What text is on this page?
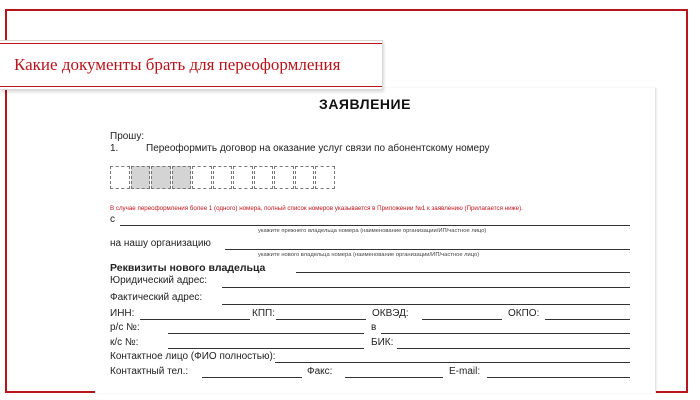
Какие документы брать для переоформления
ЗАЯВЛЕНИЕ
Прошу:
1.	Переоформить договор на оказание услуг связи по абонентскому номеру
В случае переоформления более 1 (одного) номера, полный список номеров указывается в Приложении №1 к заявлению (Прилагается ниже).
с
укажите прежнего владельца номера (наименование организации/ИП/частное лицо)
на нашу организацию
укажите нового владельца номера (наименование организации/ИП/частное лицо)
Реквизиты нового владельца
Юридический адрес:
Фактический адрес:
ИНН:	КПП:	ОКВЭД:	ОКПО:
р/с №:	в
к/с №:	БИК:
Контактное лицо (ФИО полностью):
Контактный тел.:	Факс:	E-mail:
